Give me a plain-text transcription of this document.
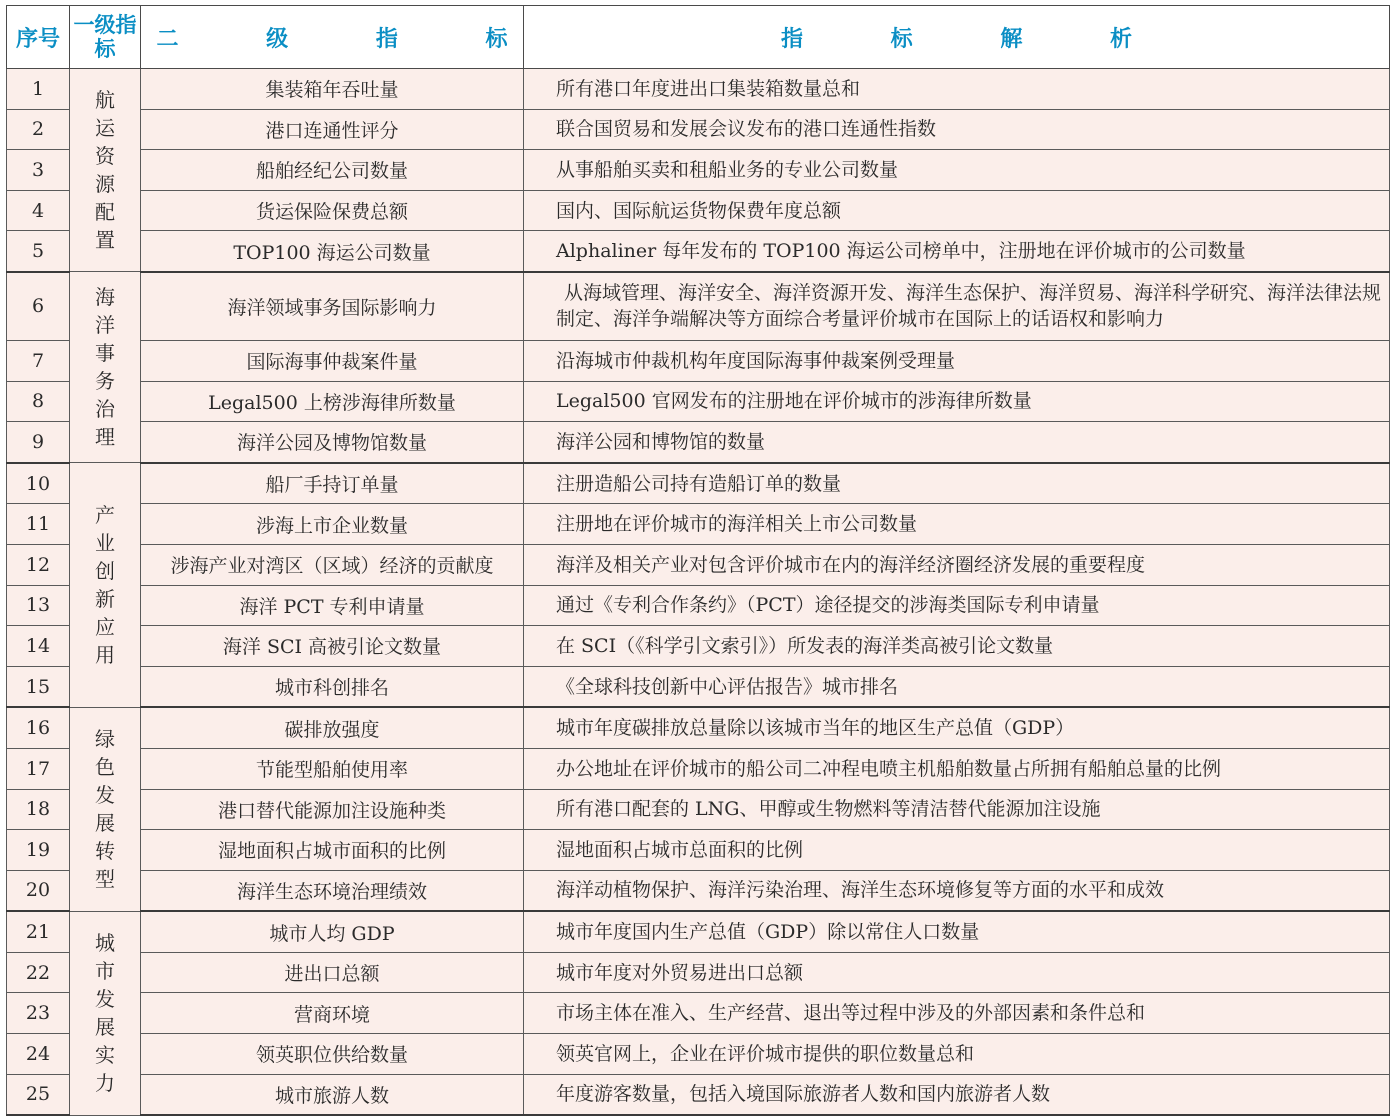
序号	一级指标	二 级 指 标	指 标 解 析
1	航运资源配置	集装箱年吞吐量	所有港口年度进出口集装箱数量总和
2		港口连通性评分	联合国贸易和发展会议发布的港口连通性指数
3		船舶经纪公司数量	从事船舶买卖和租船业务的专业公司数量
4		货运保险保费总额	国内、国际航运货物保费年度总额
5		TOP100 海运公司数量	Alphaliner 每年发布的 TOP100 海运公司榜单中，注册地在评价城市的公司数量
6	海洋事务治理	海洋领域事务国际影响力	从海域管理、海洋安全、海洋资源开发、海洋生态保护、海洋贸易、海洋科学研究、海洋法律法规制定、海洋争端解决等方面综合考量评价城市在国际上的话语权和影响力
7		国际海事仲裁案件量	沿海城市仲裁机构年度国际海事仲裁案例受理量
8		Legal500 上榜涉海律所数量	Legal500 官网发布的注册地在评价城市的涉海律所数量
9		海洋公园及博物馆数量	海洋公园和博物馆的数量
10	产业创新应用	船厂手持订单量	注册造船公司持有造船订单的数量
11		涉海上市企业数量	注册地在评价城市的海洋相关上市公司数量
12		涉海产业对湾区（区域）经济的贡献度	海洋及相关产业对包含评价城市在内的海洋经济圈经济发展的重要程度
13		海洋 PCT 专利申请量	通过《专利合作条约》（PCT）途径提交的涉海类国际专利申请量
14		海洋 SCI 高被引论文数量	在 SCI（《科学引文索引》）所发表的海洋类高被引论文数量
15		城市科创排名	《全球科技创新中心评估报告》城市排名
16	绿色发展转型	碳排放强度	城市年度碳排放总量除以该城市当年的地区生产总值（GDP）
17		节能型船舶使用率	办公地址在评价城市的船公司二冲程电喷主机船舶数量占所拥有船舶总量的比例
18		港口替代能源加注设施种类	所有港口配套的 LNG、甲醇或生物燃料等清洁替代能源加注设施
19		湿地面积占城市面积的比例	湿地面积占城市总面积的比例
20		海洋生态环境治理绩效	海洋动植物保护、海洋污染治理、海洋生态环境修复等方面的水平和成效
21	城市发展实力	城市人均 GDP	城市年度国内生产总值（GDP）除以常住人口数量
22		进出口总额	城市年度对外贸易进出口总额
23		营商环境	市场主体在准入、生产经营、退出等过程中涉及的外部因素和条件总和
24		领英职位供给数量	领英官网上，企业在评价城市提供的职位数量总和
25		城市旅游人数	年度游客数量，包括入境国际旅游者人数和国内旅游者人数
